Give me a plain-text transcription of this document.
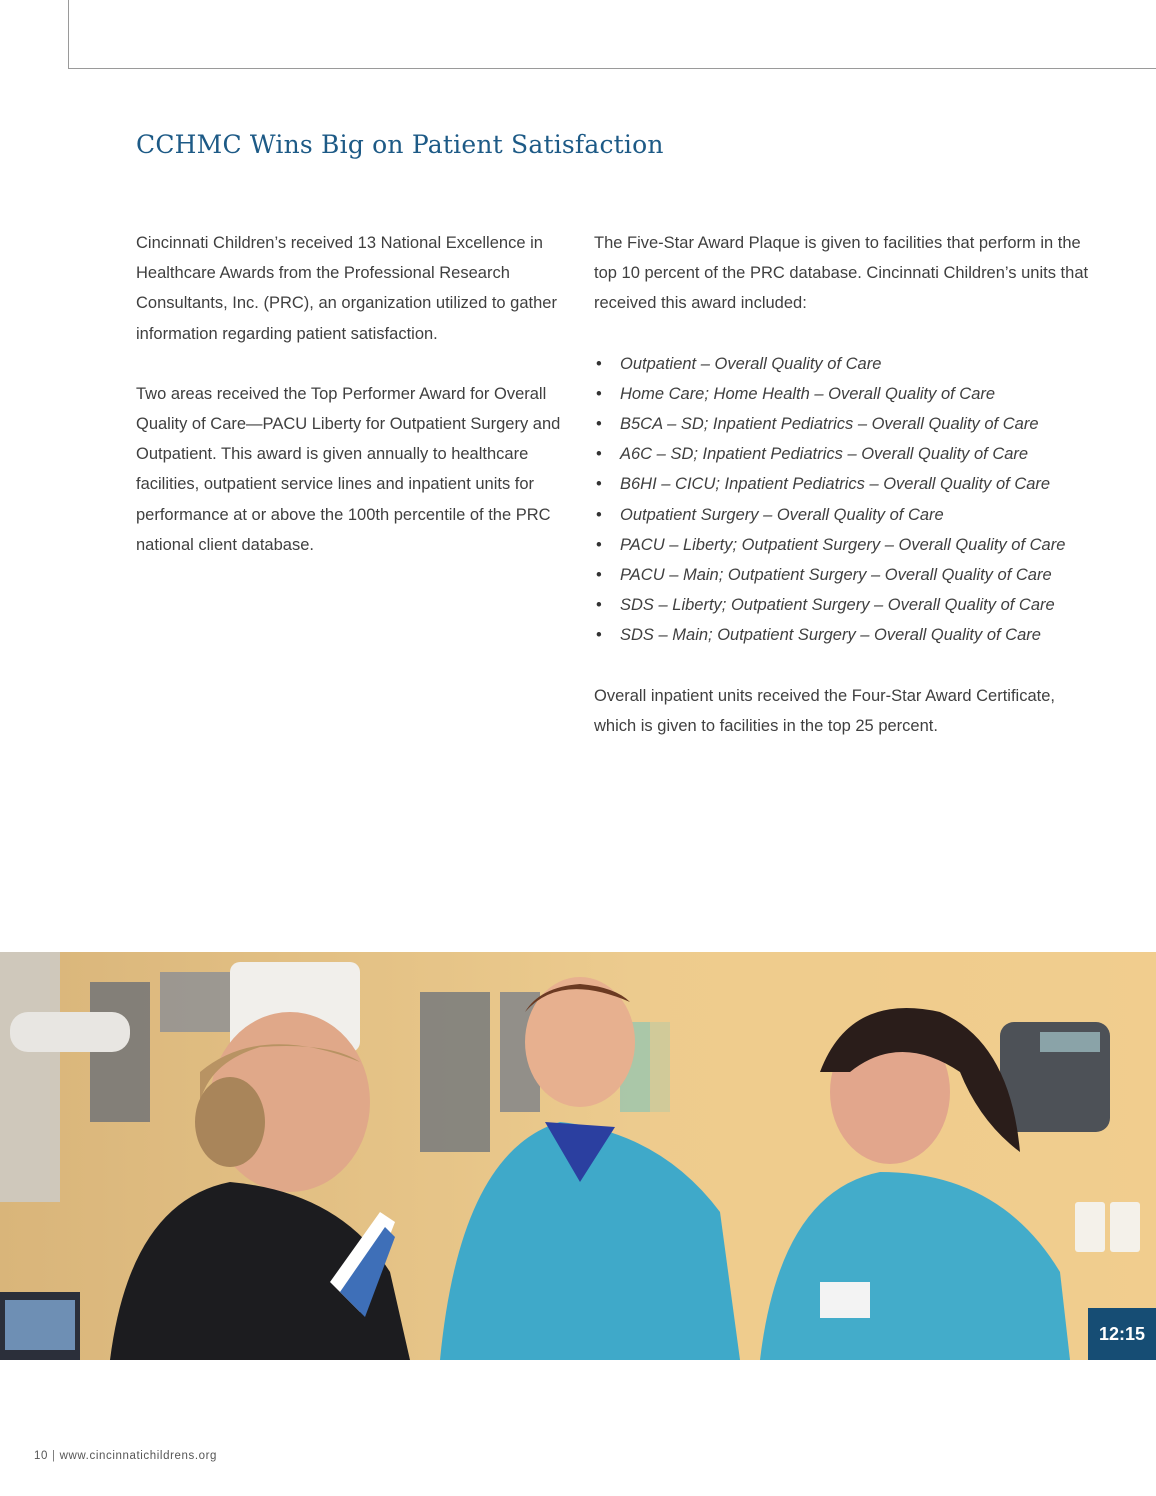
CCHMC Wins Big on Patient Satisfaction

Cincinnati Children’s received 13 National Excellence in Healthcare Awards from the Professional Research Consultants, Inc. (PRC), an organization utilized to gather information regarding patient satisfaction.

Two areas received the Top Performer Award for Overall Quality of Care—PACU Liberty for Outpatient Surgery and Outpatient. This award is given annually to healthcare facilities, outpatient service lines and inpatient units for performance at or above the 100th percentile of the PRC national client database.

The Five-Star Award Plaque is given to facilities that perform in the top 10 percent of the PRC database. Cincinnati Children’s units that received this award included:

• Outpatient – Overall Quality of Care
• Home Care; Home Health – Overall Quality of Care
• B5CA – SD; Inpatient Pediatrics – Overall Quality of Care
• A6C – SD; Inpatient Pediatrics – Overall Quality of Care
• B6HI – CICU; Inpatient Pediatrics – Overall Quality of Care
• Outpatient Surgery – Overall Quality of Care
• PACU – Liberty; Outpatient Surgery – Overall Quality of Care
• PACU – Main; Outpatient Surgery – Overall Quality of Care
• SDS – Liberty; Outpatient Surgery – Overall Quality of Care
• SDS – Main; Outpatient Surgery – Overall Quality of Care

Overall inpatient units received the Four-Star Award Certificate, which is given to facilities in the top 25 percent.

12:15
10 | www.cincinnatichildrens.org
